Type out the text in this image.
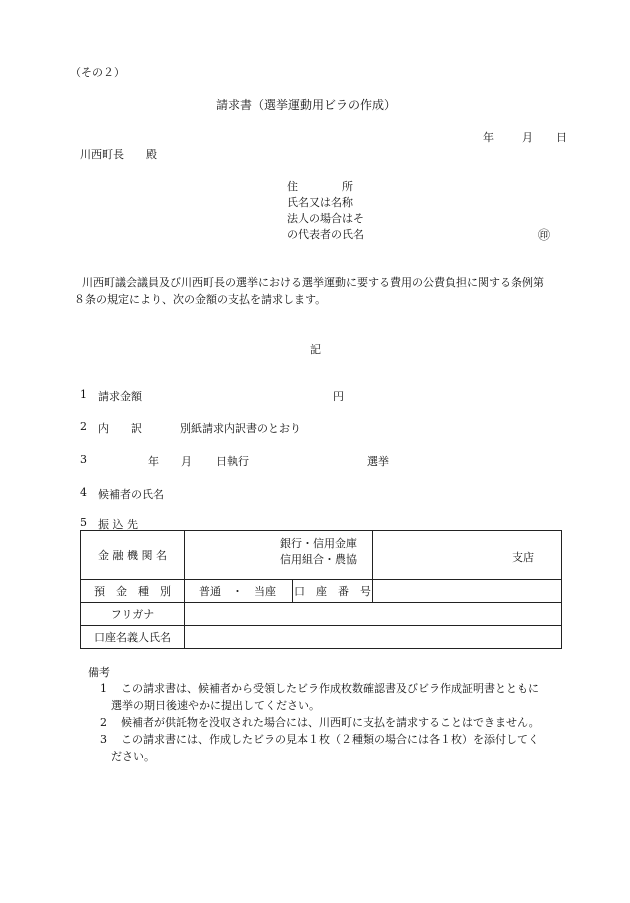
（その２）
請求書（選挙運動用ビラの作成）
年	月 日
川西町長　　殿
住　　　　所
氏名又は名称
法人の場合はそ
の代表者の氏名	㊞
川西町議会議員及び川西町長の選挙における選挙運動に要する費用の公費負担に関する条例第
８条の規定により、次の金額の支払を請求します。
記
1 請求金額	円
2 内　　訳	別紙請求内訳書のとおり
3	年 月 日執行	選挙
4 候補者の氏名
5 振 込 先
金 融 機 関 名	銀行・信用金庫
信用組合・農協		支店

預　金　種　別	普通　・　当座	口　座　番　号	
フリガナ			
口座名義人氏名			
備考
1 この請求書は、候補者から受領したビラ作成枚数確認書及びビラ作成証明書とともに
選挙の期日後速やかに提出してください。
2 候補者が供託物を没収された場合には、川西町に支払を請求することはできません。
3 この請求書には、作成したビラの見本１枚（２種類の場合には各１枚）を添付してく
ださい。
